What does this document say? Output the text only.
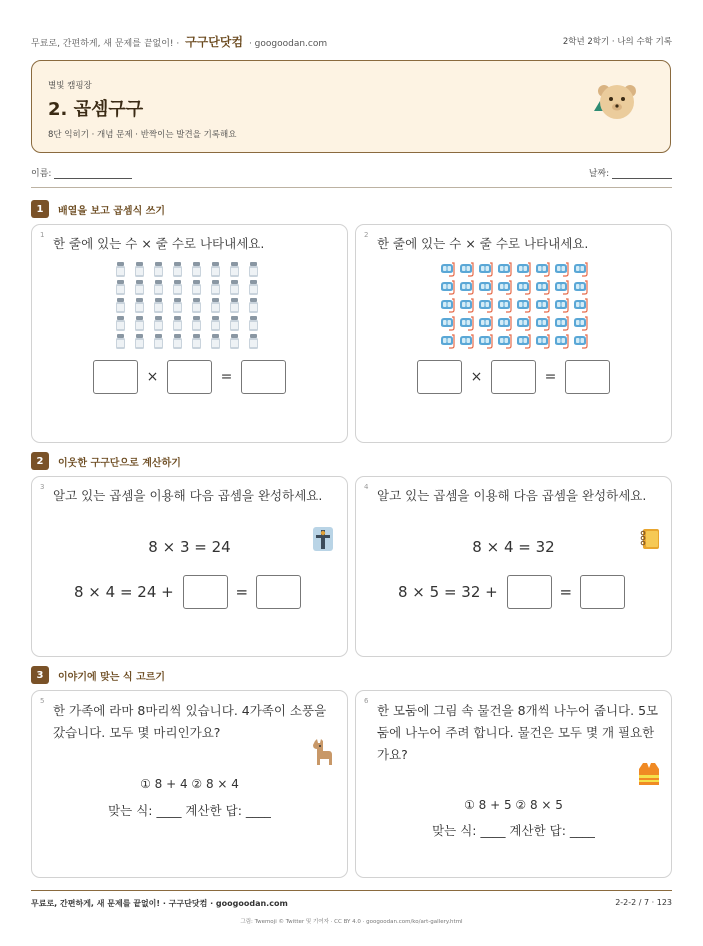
무료로, 간편하게, 새 문제를 끝없이! · 구구단닷컴 · googoodan.com	2학년 2학기 · 나의 수학 기록
별빛 캠핑장
2. 곱셈구구
8단 익히기 · 개념 문제 · 반짝이는 발견을 기록해요
이름:	날짜:
1	배열을 보고 곱셈식 쓰기
1
한 줄에 있는 수 × 줄 수로 나타내세요.
×	=
2
한 줄에 있는 수 × 줄 수로 나타내세요.
×	=
2	이웃한 구구단으로 계산하기
3
알고 있는 곱셈을 이용해 다음 곱셈을 완성하세요.
8 × 3 = 24
8 × 4 = 24 +	=
4
알고 있는 곱셈을 이용해 다음 곱셈을 완성하세요.
8 × 4 = 32
8 × 5 = 32 +	=
3	이야기에 맞는 식 고르기
5
한 가족에 라마 8마리씩 있습니다. 4가족이 소풍을 갔습니다. 모두 몇 마리인가요?
① 8 + 4 ② 8 × 4
맞는 식: ____ 계산한 답: ____
6
한 모둠에 그림 속 물건을 8개씩 나누어 줍니다. 5모둠에 나누어 주려 합니다. 물건은 모두 몇 개 필요한가요?
① 8 + 5 ② 8 × 5
맞는 식: ____ 계산한 답: ____
무료로, 간편하게, 새 문제를 끝없이! · 구구단닷컴 · googoodan.com	2-2-2 / 7 · 123
그림: Twemoji © Twitter 및 기여자 · CC BY 4.0 · googoodan.com/ko/art-gallery.html
